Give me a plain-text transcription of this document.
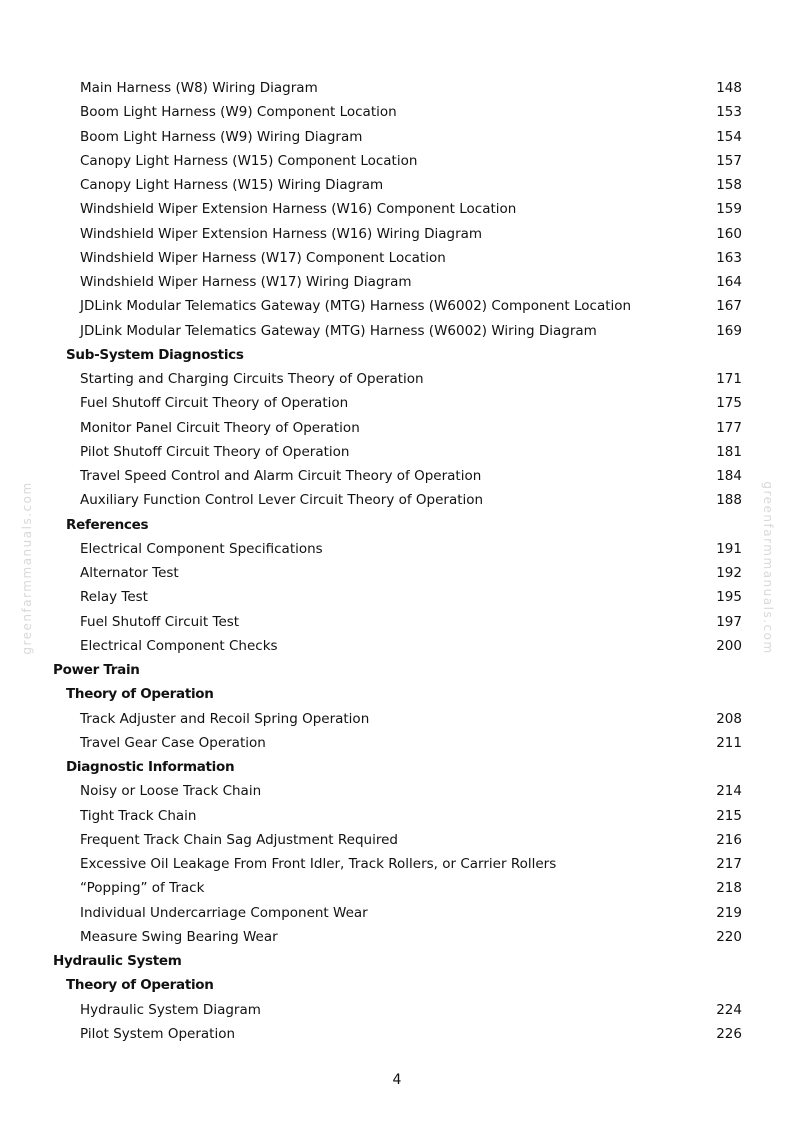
Main Harness (W8) Wiring Diagram	148
Boom Light Harness (W9) Component Location	153
Boom Light Harness (W9) Wiring Diagram	154
Canopy Light Harness (W15) Component Location	157
Canopy Light Harness (W15) Wiring Diagram	158
Windshield Wiper Extension Harness (W16) Component Location	159
Windshield Wiper Extension Harness (W16) Wiring Diagram	160
Windshield Wiper Harness (W17) Component Location	163
Windshield Wiper Harness (W17) Wiring Diagram	164
JDLink Modular Telematics Gateway (MTG) Harness (W6002) Component Location	167
JDLink Modular Telematics Gateway (MTG) Harness (W6002) Wiring Diagram	169
Sub-System Diagnostics
Starting and Charging Circuits Theory of Operation	171
Fuel Shutoff Circuit Theory of Operation	175
Monitor Panel Circuit Theory of Operation	177
Pilot Shutoff Circuit Theory of Operation	181
Travel Speed Control and Alarm Circuit Theory of Operation	184
Auxiliary Function Control Lever Circuit Theory of Operation	188
References
Electrical Component Specifications	191
Alternator Test	192
Relay Test	195
Fuel Shutoff Circuit Test	197
Electrical Component Checks	200
Power Train
Theory of Operation
Track Adjuster and Recoil Spring Operation	208
Travel Gear Case Operation	211
Diagnostic Information
Noisy or Loose Track Chain	214
Tight Track Chain	215
Frequent Track Chain Sag Adjustment Required	216
Excessive Oil Leakage From Front Idler, Track Rollers, or Carrier Rollers	217
“Popping” of Track	218
Individual Undercarriage Component Wear	219
Measure Swing Bearing Wear	220
Hydraulic System
Theory of Operation
Hydraulic System Diagram	224
Pilot System Operation	226
greenfarmmanuals.com	greenfarmmanuals.com
4
